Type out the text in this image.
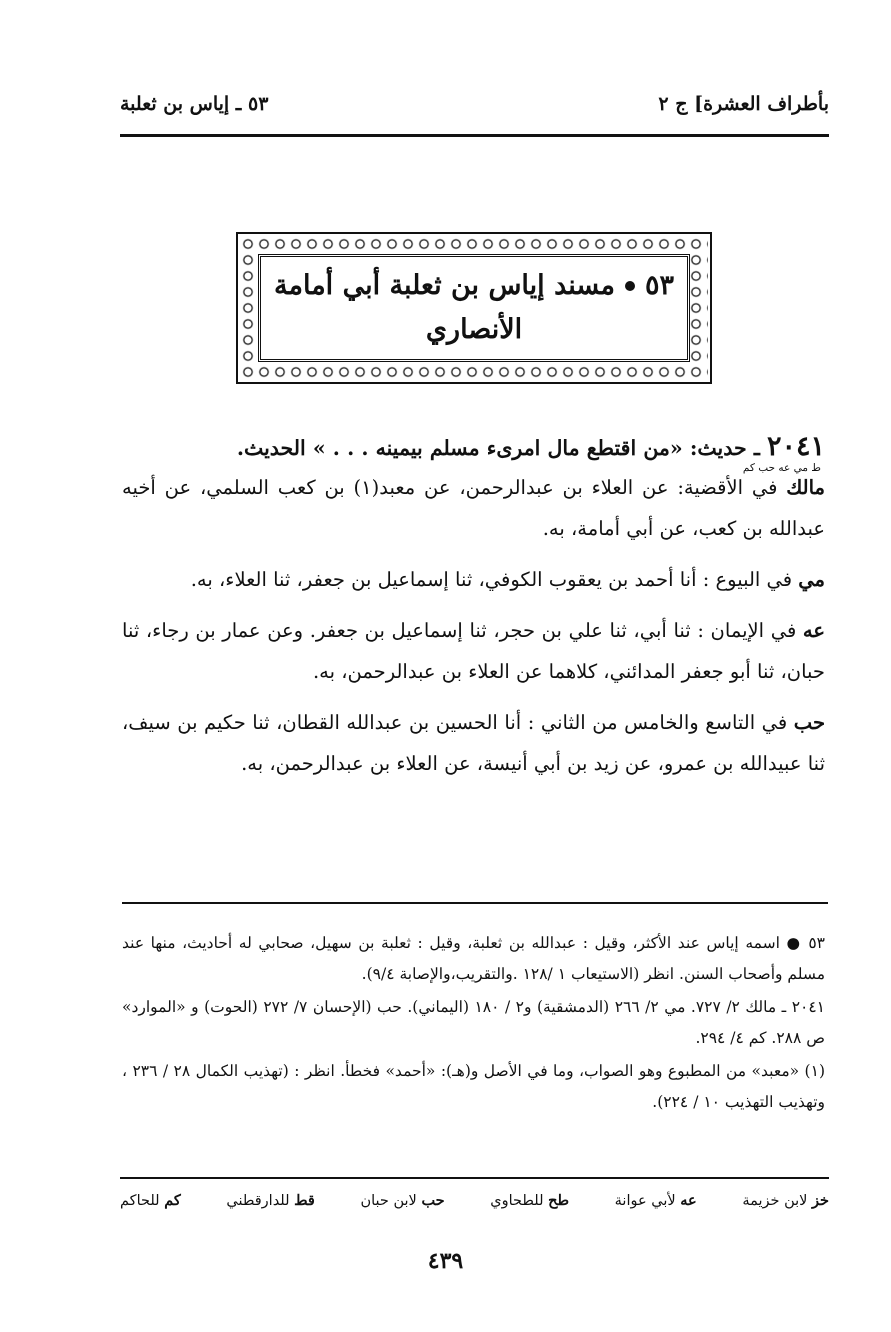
بأطراف العشرة] ج ٢
٥٣ ـ إياس بن ثعلبة
٥٣
مسند إياس بن ثعلبة أبي أمامة
الأنصاري

٢٠٤١ ـ حديث: «من اقتطع مال امرىء مسلم بيمينه . . . » الحديث.

ط مي عه حب كم

مالك في الأقضية: عن العلاء بن عبدالرحمن، عن معبد(١) بن كعب السلمي، عن أخيه عبدالله بن كعب، عن أبي أمامة، به.

مي في البيوع : أنا أحمد بن يعقوب الكوفي، ثنا إسماعيل بن جعفر، ثنا العلاء، به.

عه في الإيمان : ثنا أبي، ثنا علي بن حجر، ثنا إسماعيل بن جعفر. وعن عمار بن رجاء، ثنا حبان، ثنا أبو جعفر المدائني، كلاهما عن العلاء بن عبدالرحمن، به.

حب في التاسع والخامس من الثاني : أنا الحسين بن عبدالله القطان، ثنا حكيم بن سيف، ثنا عبيدالله بن عمرو، عن زيد بن أبي أنيسة، عن العلاء بن عبدالرحمن، به.

٥٣ ● اسمه إياس عند الأكثر، وقيل : عبدالله بن ثعلبة، وقيل : ثعلبة بن سهيل، صحابي له أحاديث، منها عند مسلم وأصحاب السنن. انظر (الاستيعاب ١ /١٢٨ .والتقريب،والإصابة ٩/٤).

٢٠٤١ ـ مالك ٢/ ٧٢٧. مي ٢/ ٢٦٦ (الدمشقية) و٢ / ١٨٠ (اليماني). حب (الإحسان ٧/ ٢٧٢ (الحوت) و «الموارد» ص ٢٨٨. كم ٤/ ٢٩٤.

(١) «معبد» من المطبوع وهو الصواب، وما في الأصل و(هـ): «أحمد» فخطأ. انظر : (تهذيب الكمال ٢٨ / ٢٣٦ ، وتهذيب التهذيب ١٠ / ٢٢٤).

خز لابن خزيمة
عه لأبي عوانة
طح للطحاوي
حب لابن حبان
قط للدارقطني
كم للحاكم
٤٣٩
